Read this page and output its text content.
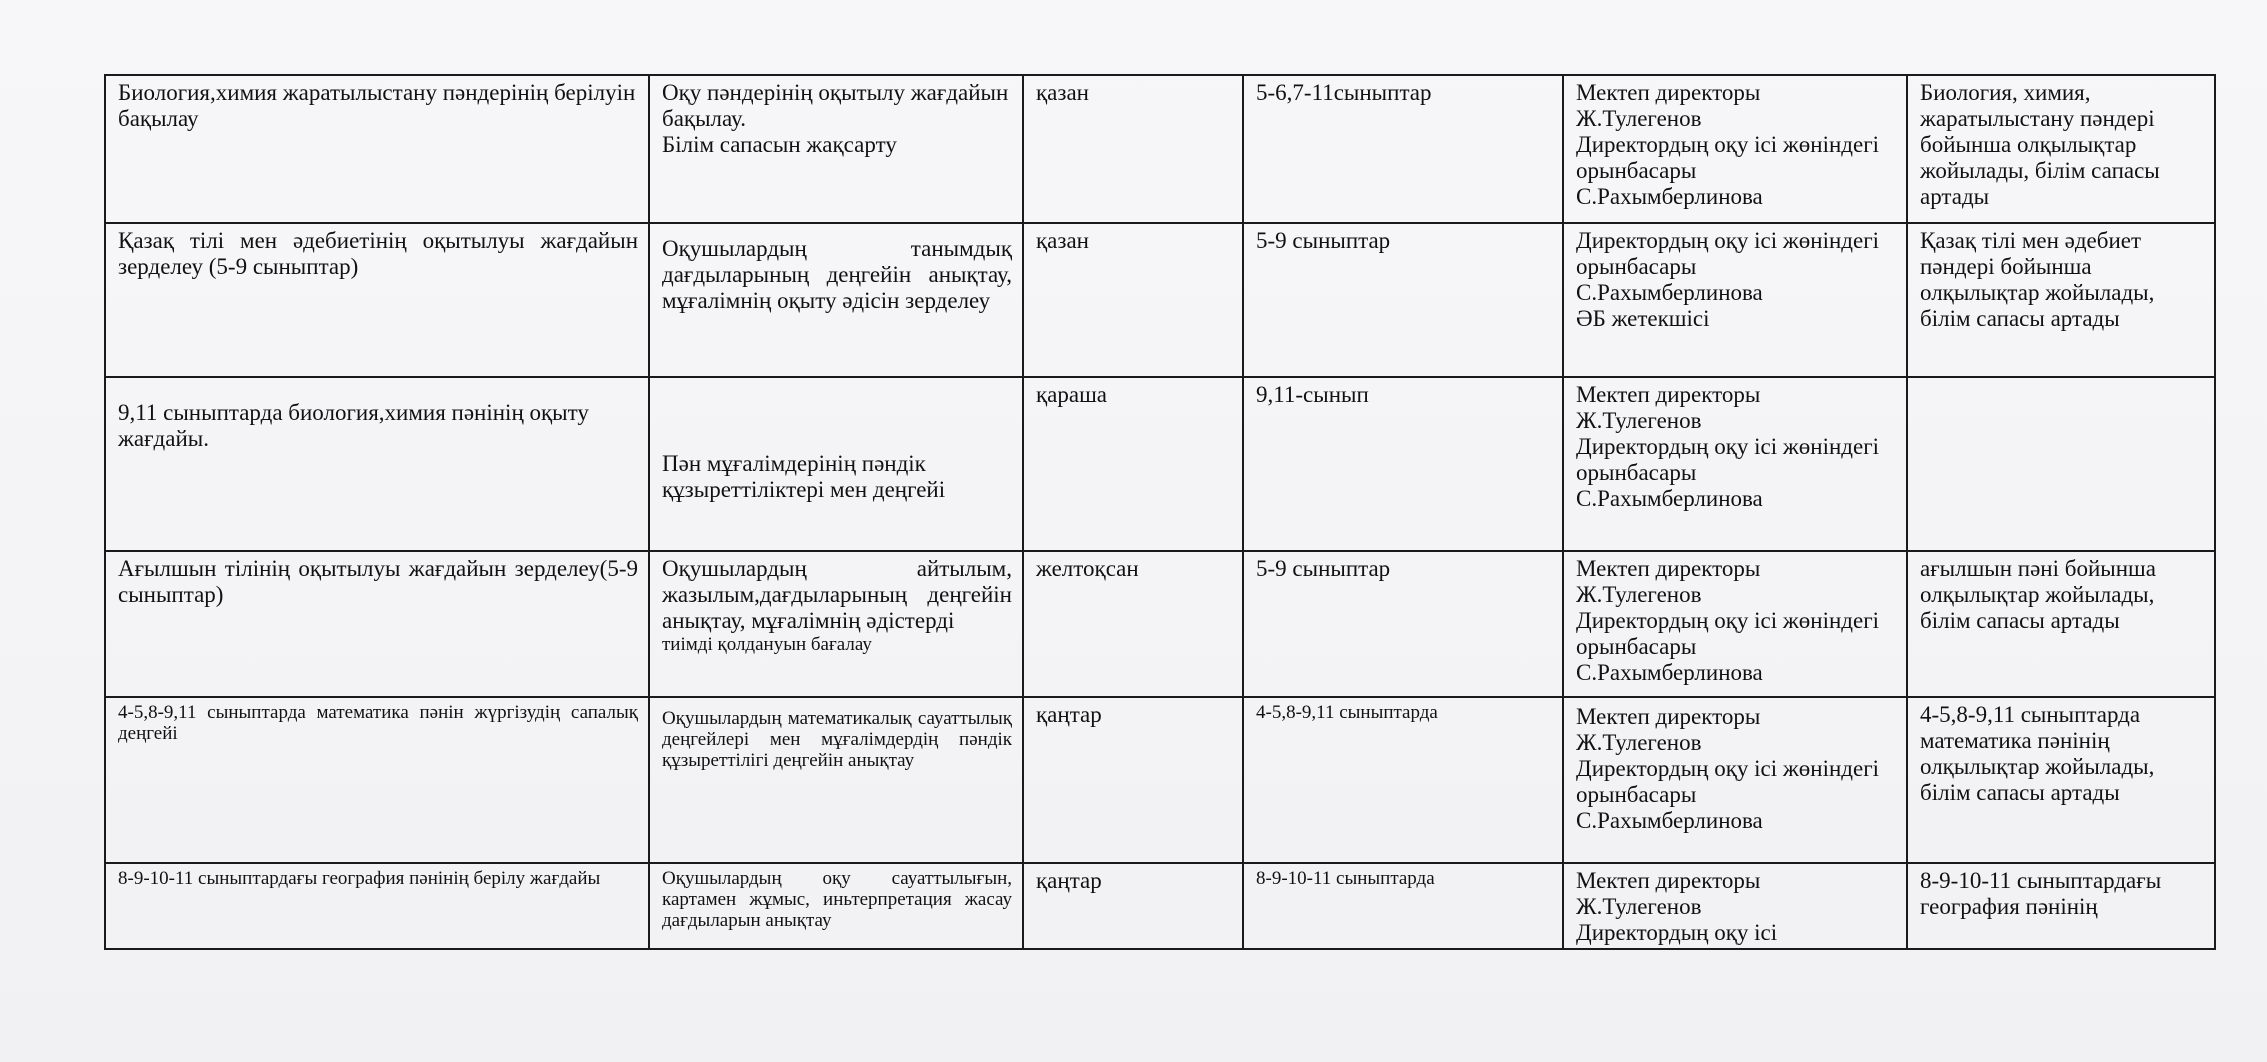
Биология,химия жаратылыстану пәндерінің берілуін бақылау	Оқу пәндерінің оқытылу жағдайын бақылау.
Білім сапасын жақсарту	қазан	5-6,7-11сыныптар	Мектеп директоры
Ж.Тулегенов
Директордың оқу ісі жөніндегі орынбасары
С.Рахымберлинова	Биология, химия, жаратылыстану пәндері бойынша олқылықтар жойылады, білім сапасы артады

Қазақ тілі мен әдебиетінің оқытылуы жағдайын зерделеу (5-9 сыныптар)	Оқушылардың танымдық дағдыларының деңгейін анықтау, мұғалімнің оқыту әдісін зерделеу	қазан	5-9 сыныптар	Директордың оқу ісі жөніндегі орынбасары
С.Рахымберлинова
ӘБ жетекшісі	Қазақ тілі мен әдебиет пәндері бойынша олқылықтар жойылады, білім сапасы артады

9,11 сыныптарда биология,химия пәнінің оқыту жағдайы.	Пән мұғалімдерінің пәндік құзыреттіліктері мен деңгейі	қараша	9,11-сынып	Мектеп директоры
Ж.Тулегенов
Директордың оқу ісі жөніндегі орынбасары
С.Рахымберлинова	

Ағылшын тілінің оқытылуы жағдайын зерделеу(5-9 сыныптар)	Оқушылардың айтылым, жазылым,дағдыларының деңгейін анықтау, мұғалімнің әдістерді
тиімді қолдануын бағалау	желтоқсан	5-9 сыныптар	Мектеп директоры
Ж.Тулегенов
Директордың оқу ісі жөніндегі орынбасары
С.Рахымберлинова	ағылшын пәні бойынша олқылықтар жойылады, білім сапасы артады

4-5,8-9,11 сыныптарда математика пәнін жүргізудің сапалық деңгейі	Оқушылардың математикалық сауаттылық деңгейлері мен мұғалімдердің пәндік құзыреттілігі деңгейін анықтау	қаңтар	4-5,8-9,11 сыныптарда	Мектеп директоры
Ж.Тулегенов
Директордың оқу ісі жөніндегі орынбасары
С.Рахымберлинова	4-5,8-9,11 сыныптарда математика пәнінің олқылықтар жойылады, білім сапасы артады

8-9-10-11 сыныптардағы география пәнінің берілу жағдайы	Оқушылардың оқу сауаттылығын, картамен жұмыс, иньтерпретация жасау дағдыларын анықтау	қаңтар	8-9-10-11 сыныптарда	Мектеп директоры
Ж.Тулегенов
Директордың оқу ісі	8-9-10-11 сыныптардағы география пәнінің
